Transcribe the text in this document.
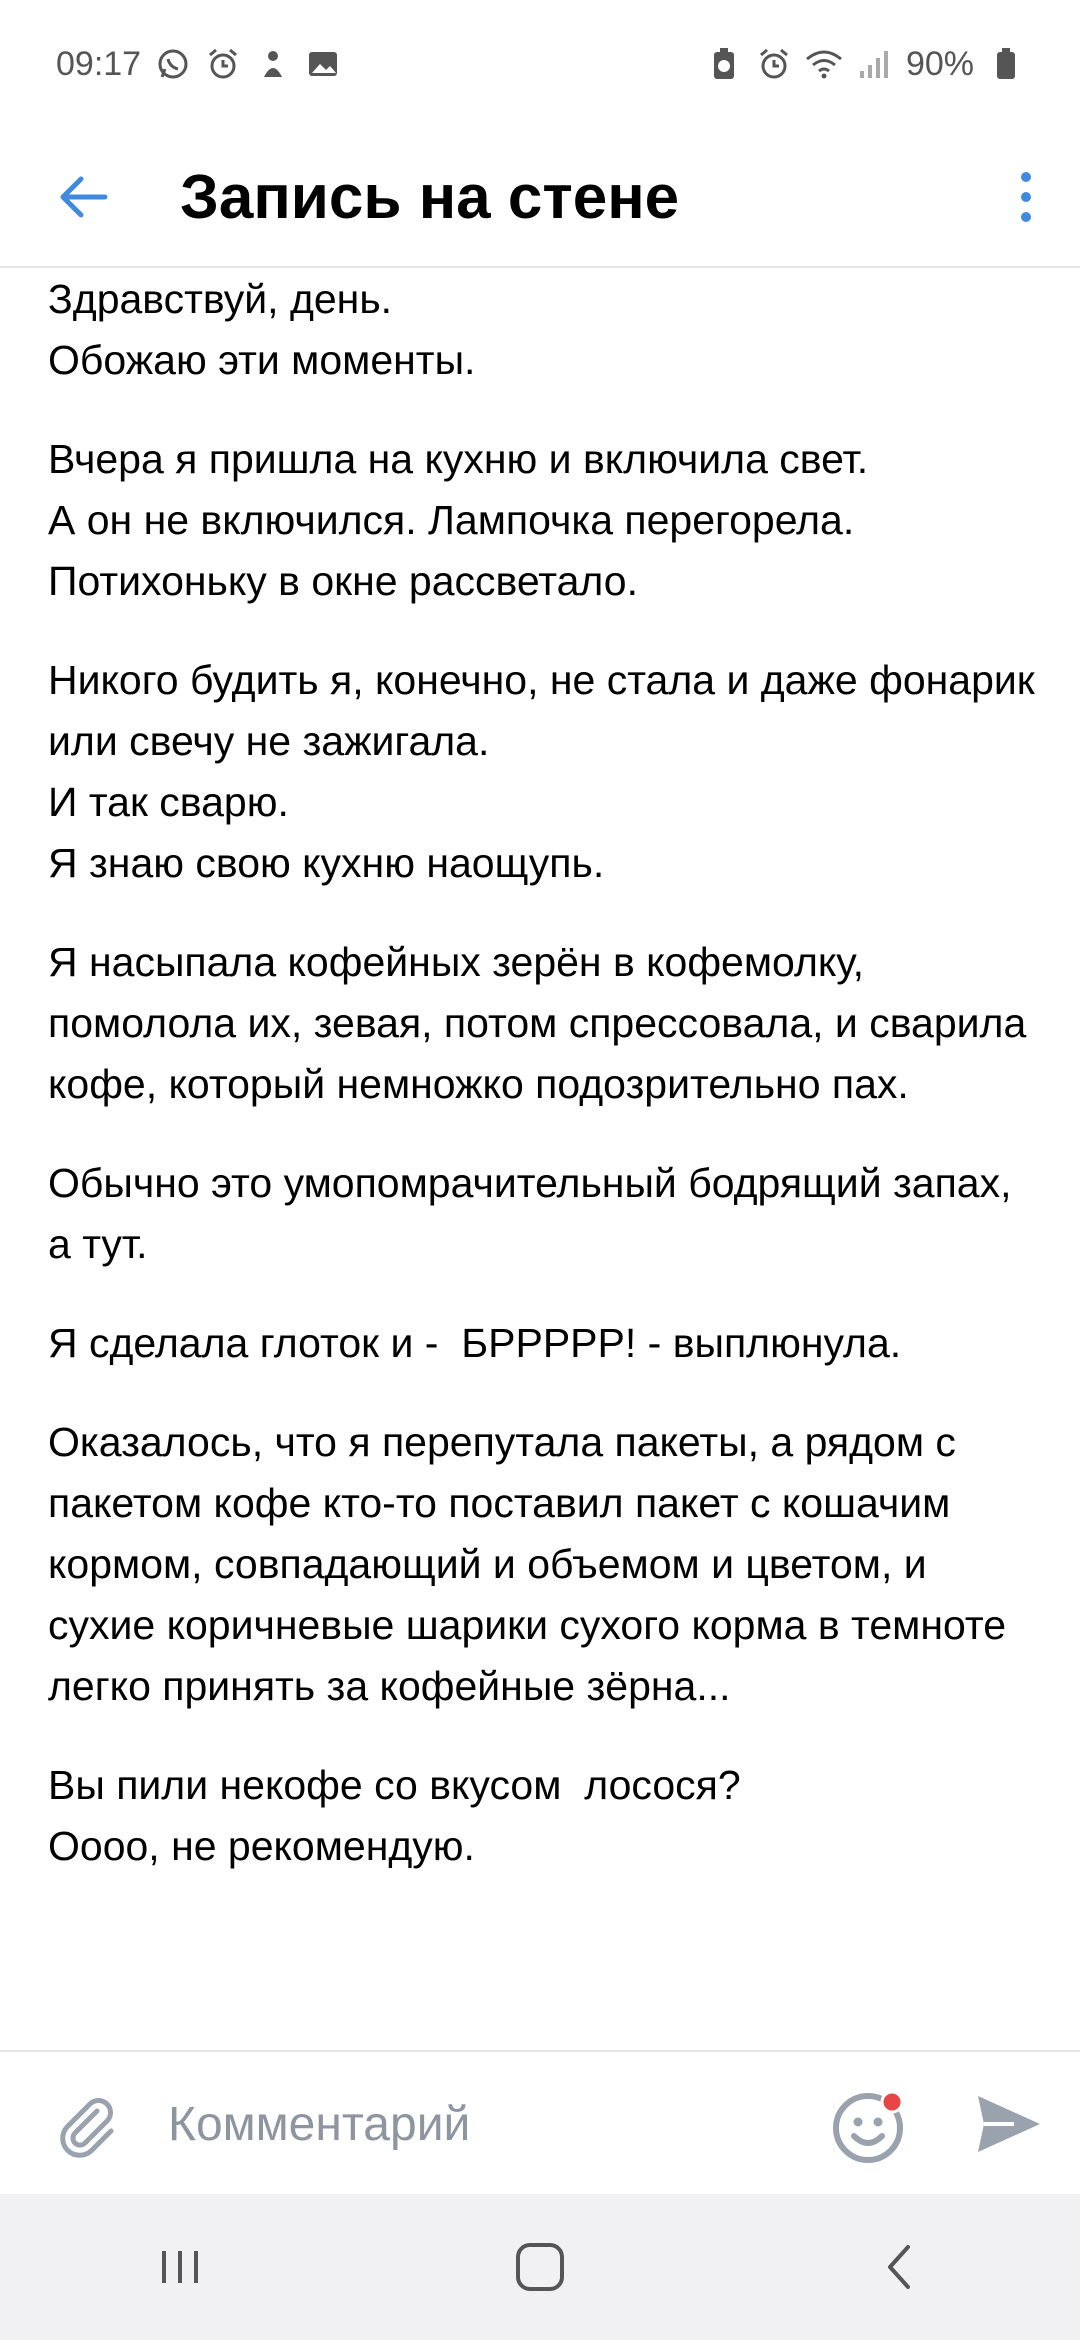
09:17	90%
Запись на стене

Здравствуй, день.
Обожаю эти моменты.

Вчера я пришла на кухню и включила свет.
А он не включился. Лампочка перегорела.
Потихоньку в окне рассветало.

Никого будить я, конечно, не стала и даже фонарик или свечу не зажигала.
И так сварю.
Я знаю свою кухню наощупь.

Я насыпала кофейных зерён в кофемолку, помолола их, зевая, потом спрессовала, и сварила кофе, который немножко подозрительно пах.

Обычно это умопомрачительный бодрящий запах, а тут.

Я сделала глоток и -  БРРРРР! - выплюнула.

Оказалось, что я перепутала пакеты, а рядом с пакетом кофе кто-то поставил пакет с кошачим кормом, совпадающий и объемом и цветом, и сухие коричневые шарики сухого корма в темноте легко принять за кофейные зёрна...

Вы пили некофе со вкусом  лосося?
Оооо, не рекомендую.

Комментарий
